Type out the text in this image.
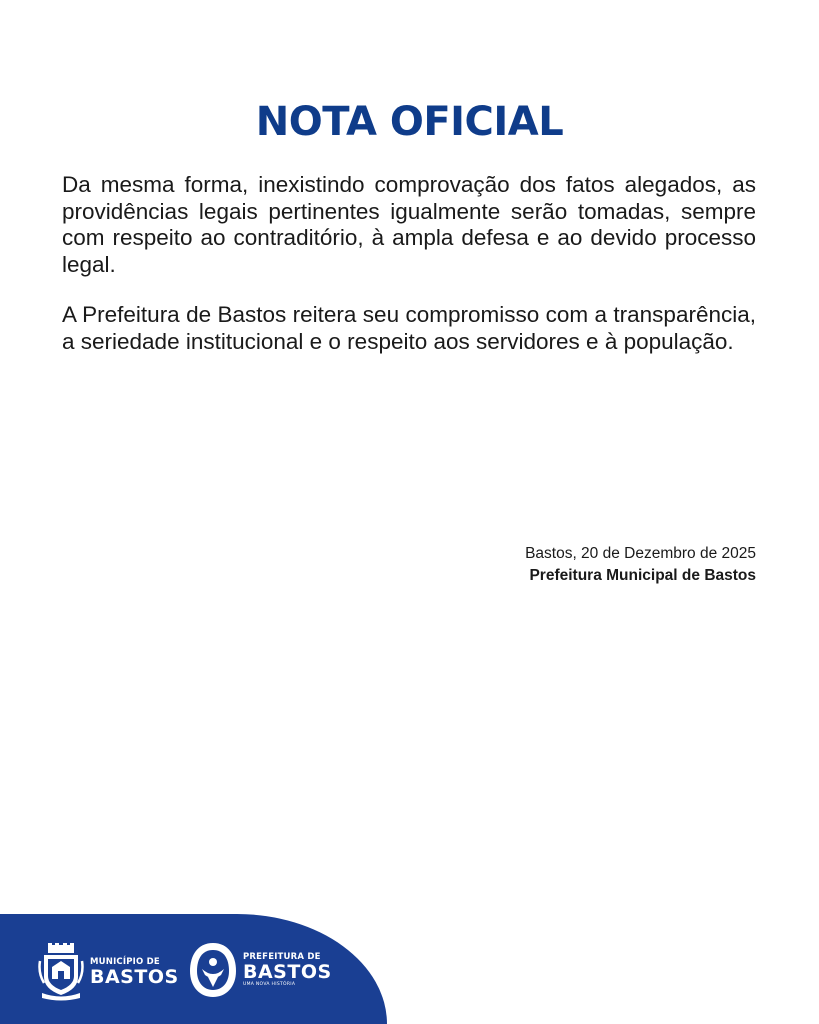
NOTA OFICIAL

Da mesma forma, inexistindo comprovação dos fatos alegados, as providências legais pertinentes igualmente serão tomadas, sempre com respeito ao contraditório, à ampla defesa e ao devido processo legal.

A Prefeitura de Bastos reitera seu compromisso com a transparência, a seriedade institucional e o respeito aos servidores e à população.

Bastos, 20 de Dezembro de 2025
Prefeitura Municipal de Bastos
MUNICÍPIO DE
BASTOS
PREFEITURA DE
BASTOS
UMA NOVA HISTÓRIA
